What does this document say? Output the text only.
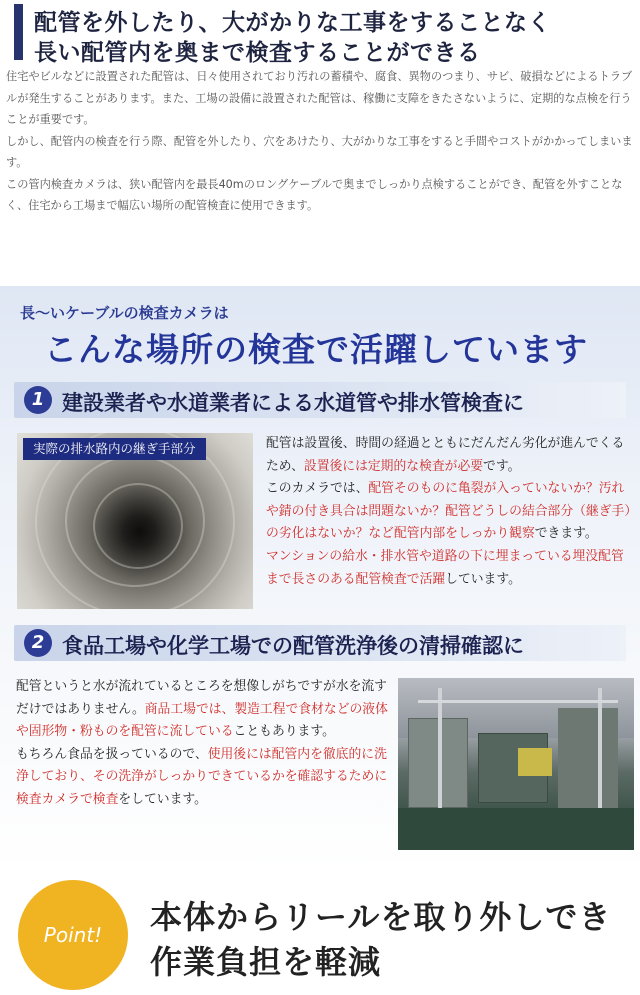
配管を外したり、大がかりな工事をすることなく
長い配管内を奥まで検査することができる

住宅やビルなどに設置された配管は、日々使用されており汚れの蓄積や、腐食、異物のつまり、サビ、破損などによるトラブルが発生することがあります。また、工場の設備に設置された配管は、稼働に支障をきたさないように、定期的な点検を行うことが重要です。

しかし、配管内の検査を行う際、配管を外したり、穴をあけたり、大がかりな工事をすると手間やコストがかかってしまいます。

この管内検査カメラは、狭い配管内を最長40mのロングケーブルで奥までしっかり点検することができ、配管を外すことなく、住宅から工場まで幅広い場所の配管検査に使用できます。

長〜いケーブルの検査カメラは
こんな場所の検査で活躍しています
1 建設業者や水道業者による水道管や排水管検査に
実際の排水路内の継ぎ手部分	配管は設置後、時間の経過とともにだんだん劣化が進んでくるため、設置後には定期的な検査が必要です。

このカメラでは、配管そのものに亀裂が入っていないか？汚れや錆の付き具合は問題ないか？配管どうしの結合部分（継ぎ手）の劣化はないか？など配管内部をしっかり観察できます。

マンションの給水・排水管や道路の下に埋まっている埋没配管まで長さのある配管検査で活躍しています。

2 食品工場や化学工場での配管洗浄後の清掃確認に

配管というと水が流れているところを想像しがちですが水を流すだけではありません。商品工場では、製造工程で食材などの液体や固形物・粉ものを配管に流していることもあります。

もちろん食品を扱っているので、使用後には配管内を徹底的に洗浄しており、その洗浄がしっかりできているかを確認するために検査カメラで検査をしています。

Point!	本体からリールを取り外しでき
作業負担を軽減
